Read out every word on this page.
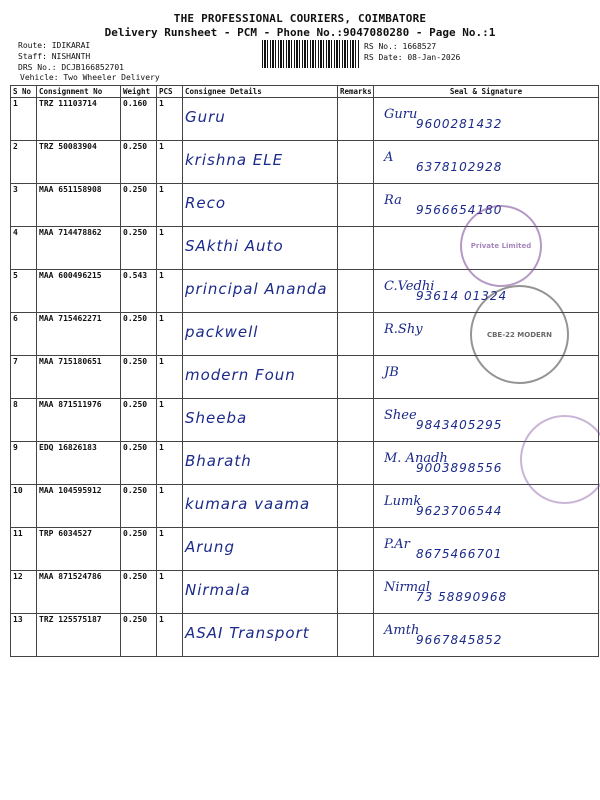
THE PROFESSIONAL COURIERS, COIMBATORE
Delivery Runsheet - PCM - Phone No.:9047080280 - Page No.:1
Route: IDIKARAI
Staff: NISHANTH
DRS No.: DCJB166852701
RS No.: 1668527
RS Date: 08-Jan-2026
Vehicle: Two Wheeler Delivery
S No	Consignment No	Weight	PCS	Consignee Details	Remarks	Seal & Signature
1	TRZ 11103714	0.160	1	Guru		Guru
9600281432

2	TRZ 50083904	0.250	1	krishna ELE		A
6378102928

3	MAA 651158908	0.250	1	Reco		Ra
9566654180

4	MAA 714478862	0.250	1	SAkthi Auto		

5	MAA 600496215	0.543	1	principal Ananda		C.Vedhi
93614 01324

6	MAA 715462271	0.250	1	packwell		R.Shy

7	MAA 715180651	0.250	1	modern Foun		JB

8	MAA 871511976	0.250	1	Sheeba		Shee
9843405295

9	EDQ 16826183	0.250	1	Bharath		M. Anadh
9003898556

10	MAA 104595912	0.250	1	kumara vaama		Lumk
9623706544

11	TRP 6034527	0.250	1	Arung		P.Ar
8675466701

12	MAA 871524786	0.250	1	Nirmala		Nirmal
73 58890968

13	TRZ 125575187	0.250	1	ASAI Transport		Amth
9667845852
Private Limited
CBE-22 MODERN
